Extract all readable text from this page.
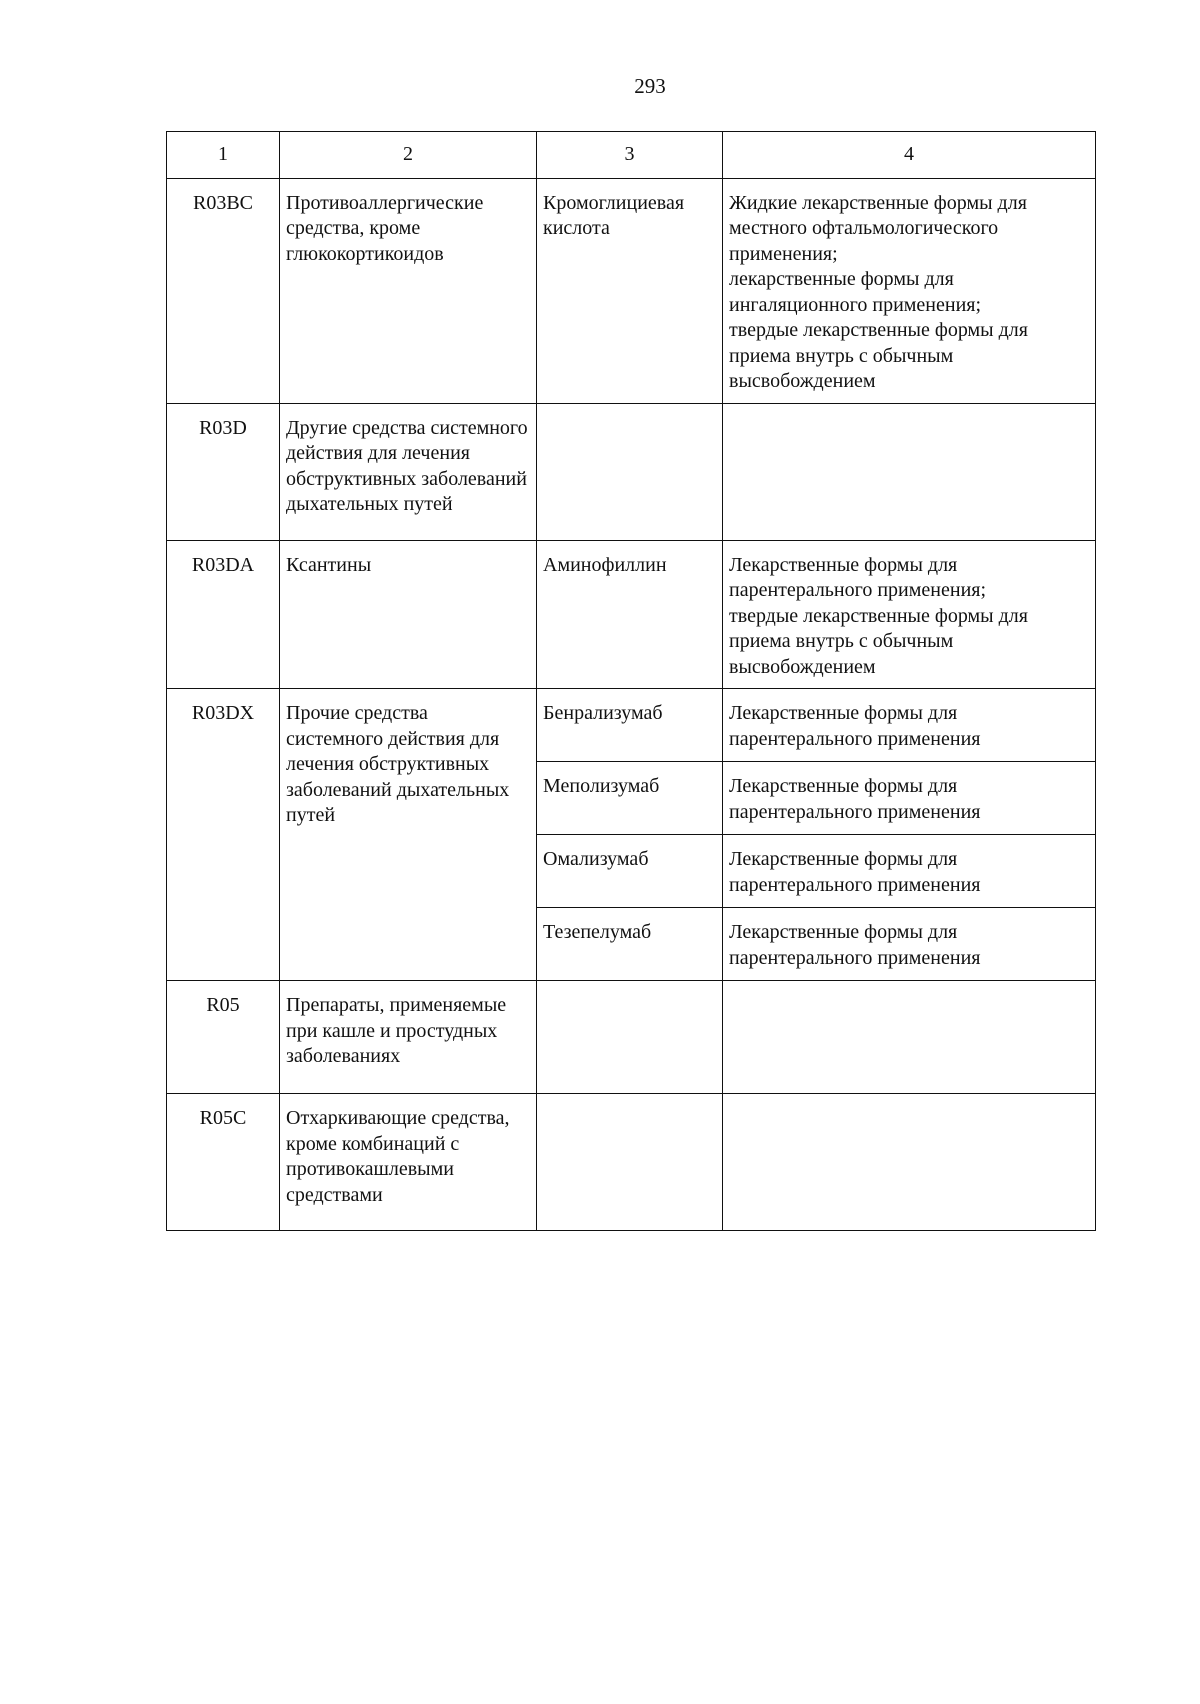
293
1	2	3	4
R03BC	Противоаллергические средства, кроме глюкокортикоидов	Кромоглициевая кислота	Жидкие лекарственные формы для местного офтальмологического применения;
лекарственные формы для ингаляционного применения;
твердые лекарственные формы для приема внутрь с обычным высвобождением
R03D	Другие средства системного действия для лечения обструктивных заболеваний дыхательных путей		
R03DA	Ксантины	Аминофиллин	Лекарственные формы для парентерального применения;
твердые лекарственные формы для приема внутрь с обычным высвобождением
R03DX	Прочие средства системного действия для лечения обструктивных заболеваний дыхательных путей	Бенрализумаб	Лекарственные формы для парентерального применения
		Меполизумаб	Лекарственные формы для парентерального применения
		Омализумаб	Лекарственные формы для парентерального применения
		Тезепелумаб	Лекарственные формы для парентерального применения
R05	Препараты, применяемые при кашле и простудных заболеваниях		
R05C	Отхаркивающие средства, кроме комбинаций с противокашлевыми средствами		
